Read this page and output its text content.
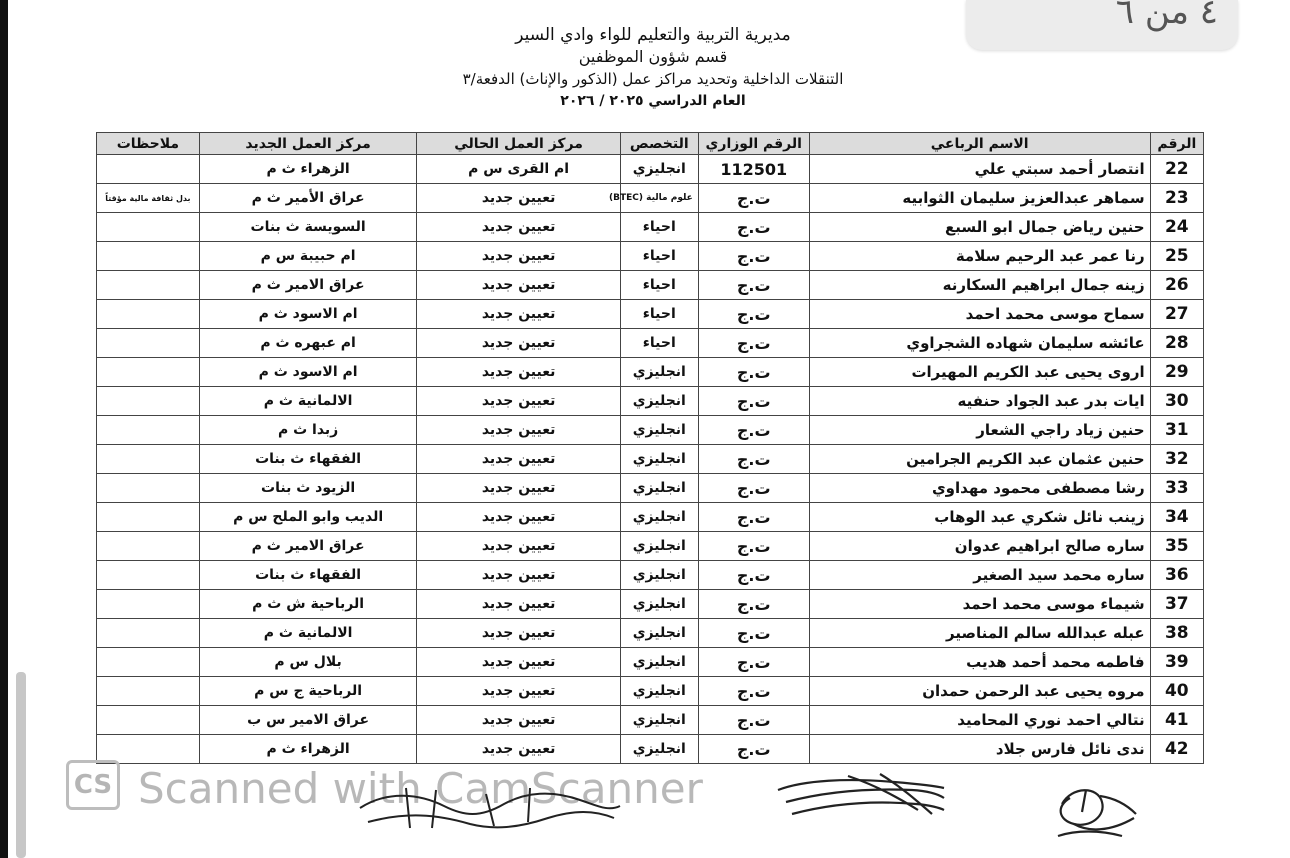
٤ من ٦
مديرية التربية والتعليم للواء وادي السير
قسم شؤون الموظفين
التنقلات الداخلية وتحديد مراكز عمل (الذكور والإناث) الدفعة/٣
العام الدراسي ٢٠٢٥ / ٢٠٢٦
الرقم	الاسم الرباعي	الرقم الوزاري	التخصص	مركز العمل الحالي	مركز العمل الجديد	ملاحظات
22	انتصار أحمد سبتي علي	112501	انجليزي	ام القرى س م	الزهراء ث م	
23	سماهر عبدالعزيز سليمان الثوابيه	ت.ج	علوم مالية (BTEC)	تعيين جديد	عراق الأمير ث م	بدل ثقافة مالية مؤقتاً
24	حنين رياض جمال ابو السبع	ت.ج	احياء	تعيين جديد	السويسة ث بنات	
25	رنا عمر عبد الرحيم سلامة	ت.ج	احياء	تعيين جديد	ام حبيبة س م	
26	زينه جمال ابراهيم السكارنه	ت.ج	احياء	تعيين جديد	عراق الامير ث م	
27	سماح موسى محمد احمد	ت.ج	احياء	تعيين جديد	ام الاسود ث م	
28	عائشه سليمان شهاده الشجراوي	ت.ج	احياء	تعيين جديد	ام عبهره ث م	
29	اروى يحيى عبد الكريم المهيرات	ت.ج	انجليزي	تعيين جديد	ام الاسود ث م	
30	ايات بدر عبد الجواد حنفيه	ت.ج	انجليزي	تعيين جديد	الالمانية ث م	
31	حنين زياد راجي الشعار	ت.ج	انجليزي	تعيين جديد	زبدا ث م	
32	حنين عثمان عبد الكريم الجرامين	ت.ج	انجليزي	تعيين جديد	الفقهاء ث بنات	
33	رشا مصطفى محمود مهداوي	ت.ج	انجليزي	تعيين جديد	الزيود ث بنات	
34	زينب نائل شكري عبد الوهاب	ت.ج	انجليزي	تعيين جديد	الديب وابو الملح س م	
35	ساره صالح ابراهيم عدوان	ت.ج	انجليزي	تعيين جديد	عراق الامير ث م	
36	ساره محمد سيد الصغير	ت.ج	انجليزي	تعيين جديد	الفقهاء ث بنات	
37	شيماء موسى محمد احمد	ت.ج	انجليزي	تعيين جديد	الرباحية ش ث م	
38	عبله عبدالله سالم المناصير	ت.ج	انجليزي	تعيين جديد	الالمانية ث م	
39	فاطمه محمد أحمد هديب	ت.ج	انجليزي	تعيين جديد	بلال س م	
40	مروه يحيى عبد الرحمن حمدان	ت.ج	انجليزي	تعيين جديد	الرباحية ج س م	
41	نتالي احمد نوري المحاميد	ت.ج	انجليزي	تعيين جديد	عراق الامير س ب	
42	ندى نائل فارس جلاد	ت.ج	انجليزي	تعيين جديد	الزهراء ث م	
CS Scanned with CamScanner
